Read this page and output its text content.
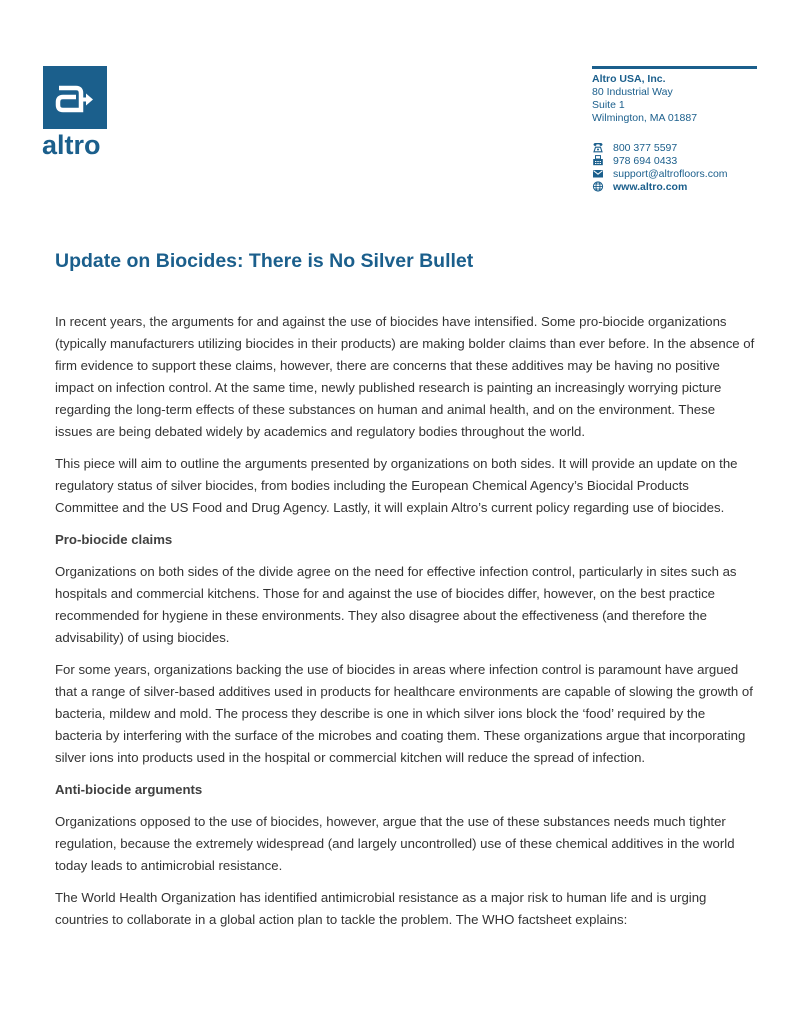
altro
Altro USA, Inc.
80 Industrial Way
Suite 1
Wilmington, MA 01887
800 377 5597
978 694 0433
support@altrofloors.com
www.altro.com
Update on Biocides: There is No Silver Bullet

In recent years, the arguments for and against the use of biocides have intensified. Some pro-biocide organizations (typically manufacturers utilizing biocides in their products) are making bolder claims than ever before. In the absence of firm evidence to support these claims, however, there are concerns that these additives may be having no positive impact on infection control. At the same time, newly published research is painting an increasingly worrying picture regarding the long-term effects of these substances on human and animal health, and on the environment. These issues are being debated widely by academics and regulatory bodies throughout the world.

This piece will aim to outline the arguments presented by organizations on both sides. It will provide an update on the regulatory status of silver biocides, from bodies including the European Chemical Agency’s Biocidal Products Committee and the US Food and Drug Agency. Lastly, it will explain Altro’s current policy regarding use of biocides.

Pro-biocide claims

Organizations on both sides of the divide agree on the need for effective infection control, particularly in sites such as hospitals and commercial kitchens. Those for and against the use of biocides differ, however, on the best practice recommended for hygiene in these environments. They also disagree about the effectiveness (and therefore the advisability) of using biocides.

For some years, organizations backing the use of biocides in areas where infection control is paramount have argued that a range of silver-based additives used in products for healthcare environments are capable of slowing the growth of bacteria, mildew and mold. The process they describe is one in which silver ions block the ‘food’ required by the bacteria by interfering with the surface of the microbes and coating them. These organizations argue that incorporating silver ions into products used in the hospital or commercial kitchen will reduce the spread of infection.

Anti-biocide arguments

Organizations opposed to the use of biocides, however, argue that the use of these substances needs much tighter regulation, because the extremely widespread (and largely uncontrolled) use of these chemical additives in the world today leads to antimicrobial resistance.

The World Health Organization has identified antimicrobial resistance as a major risk to human life and is urging countries to collaborate in a global action plan to tackle the problem. The WHO factsheet explains:
